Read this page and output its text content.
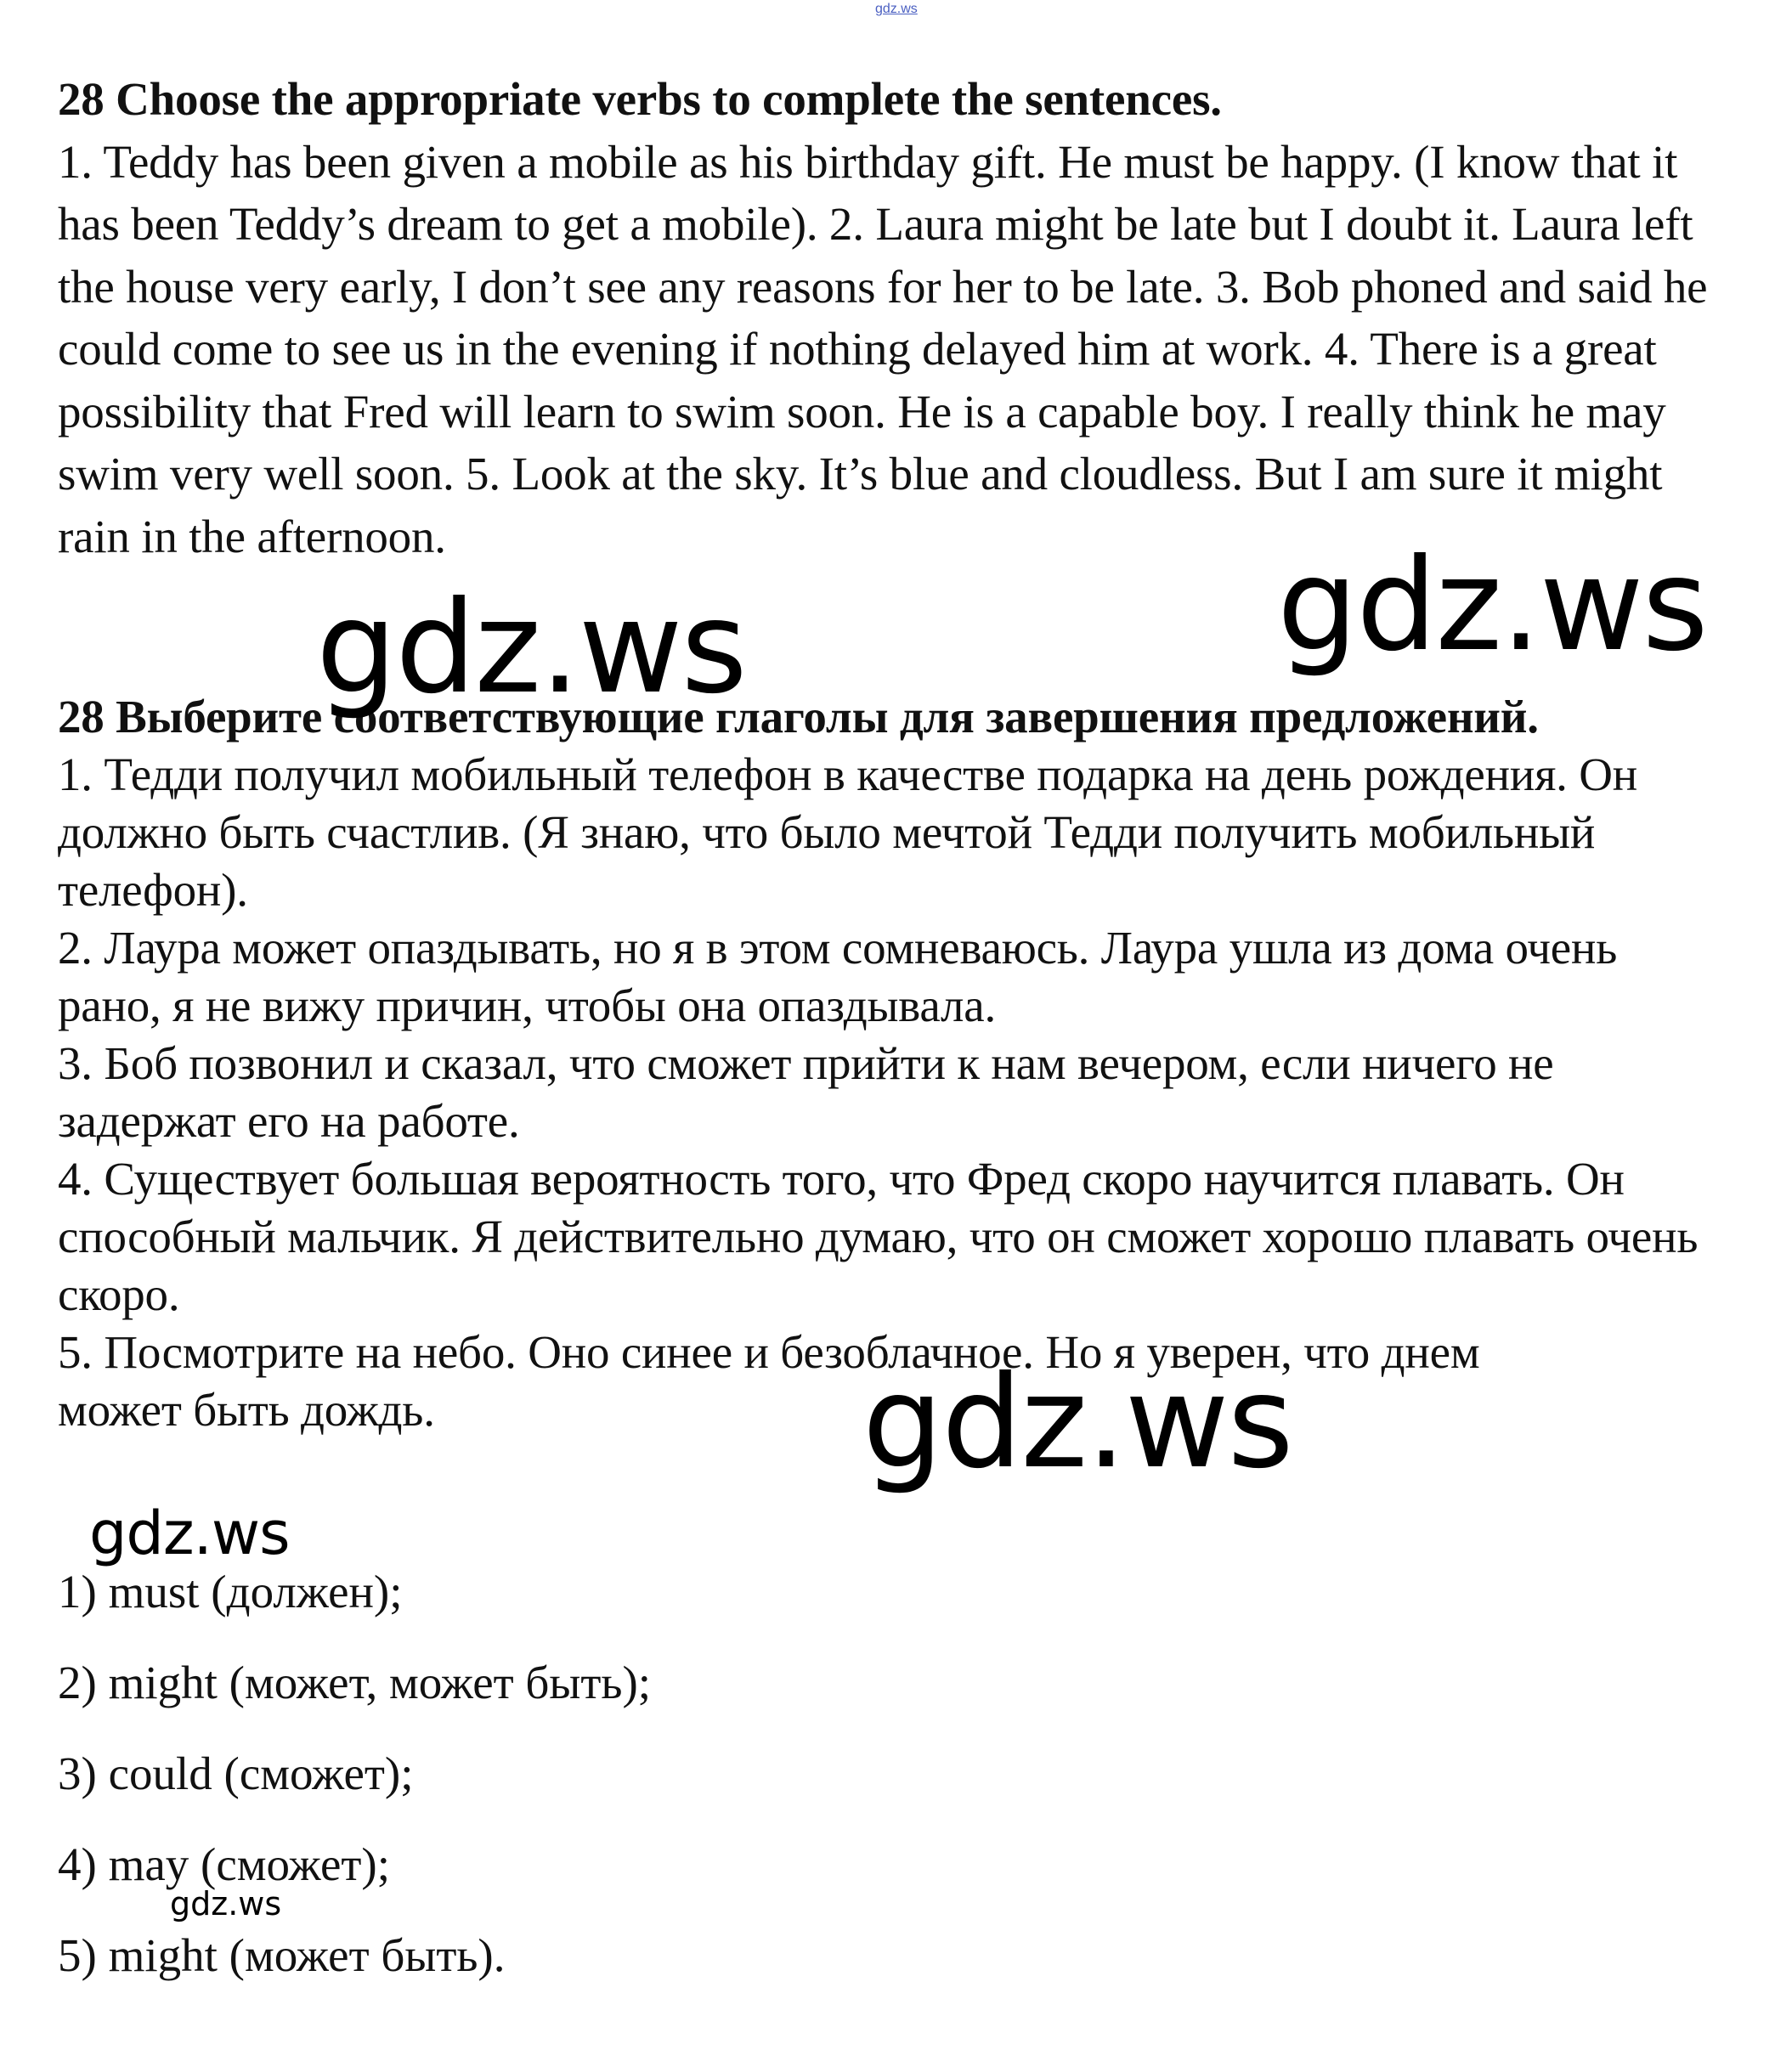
gdz.ws

28 Choose the appropriate verbs to complete the sentences.

1. Teddy has been given a mobile as his birthday gift. He must be happy. (I know that it has been Teddy’s dream to get a mobile). 2. Laura might be late but I doubt it. Laura left the house very early, I don’t see any reasons for her to be late. 3. Bob phoned and said he could come to see us in the evening if nothing delayed him at work. 4. There is a great possibility that Fred will learn to swim soon. He is a capable boy. I really think he may swim very well soon. 5. Look at the sky. It’s blue and cloudless. But I am sure it might rain in the afternoon.

28 Выберите соответствующие глаголы для завершения предложений.

1. Тедди получил мобильный телефон в качестве подарка на день рождения. Он должно быть счастлив. (Я знаю, что было мечтой Тедди получить мобильный телефон).

2. Лаура может опаздывать, но я в этом сомневаюсь. Лаура ушла из дома очень рано, я не вижу причин, чтобы она опаздывала.

3. Боб позвонил и сказал, что сможет прийти к нам вечером, если ничего не задержат его на работе.

4. Существует большая вероятность того, что Фред скоро научится плавать. Он способный мальчик. Я действительно думаю, что он сможет хорошо плавать очень скоро.

5. Посмотрите на небо. Оно синее и безоблачное. Но я уверен, что днем может быть дождь.

1) must (должен);
2) might (может, может быть);
3) could (сможет);
4) may (сможет);
5) might (может быть).
gdz.ws	gdz.ws
gdz.ws
gdz.ws
gdz.ws
